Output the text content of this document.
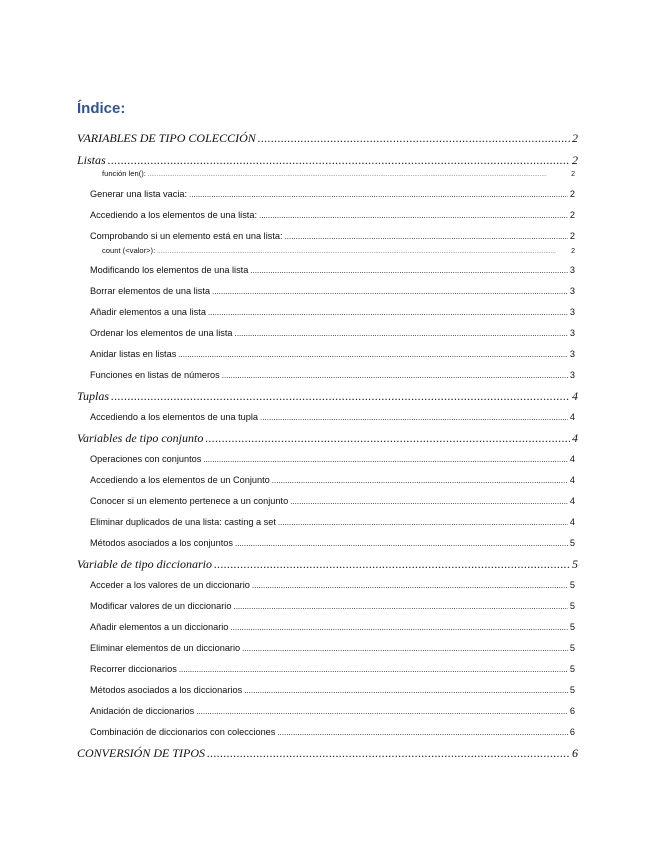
Índice:
VARIABLES DE TIPO COLECCIÓN .....	2
Listas .....	2
función len(): .....	2
Generar una lista vacia: .....	2
Accediendo a los elementos de una lista: .....	2
Comprobando si un elemento está en una lista: .....	2
count (<valor>): .....	2
Modificando los elementos de una lista .....	3
Borrar elementos de una lista .....	3
Añadir elementos a una lista .....	3
Ordenar los elementos de una lista .....	3
Anidar listas en listas .....	3
Funciones en listas de números .....	3
Tuplas .....	4
Accediendo a los elementos de una tupla .....	4
Variables de tipo conjunto .....	4
Operaciones con conjuntos .....	4
Accediendo a los elementos de un Conjunto .....	4
Conocer si un elemento pertenece a un conjunto .....	4
Eliminar duplicados de una lista: casting a set .....	4
Métodos asociados a los conjuntos .....	5
Variable de tipo diccionario .....	5
Acceder a los valores de un diccionario .....	5
Modificar valores de un diccionario .....	5
Añadir elementos a un diccionario .....	5
Eliminar elementos de un diccionario .....	5
Recorrer diccionarios .....	5
Métodos asociados a los diccionarios .....	5
Anidación de diccionarios .....	6
Combinación de diccionarios con colecciones .....	6
CONVERSIÓN DE TIPOS .....	6
